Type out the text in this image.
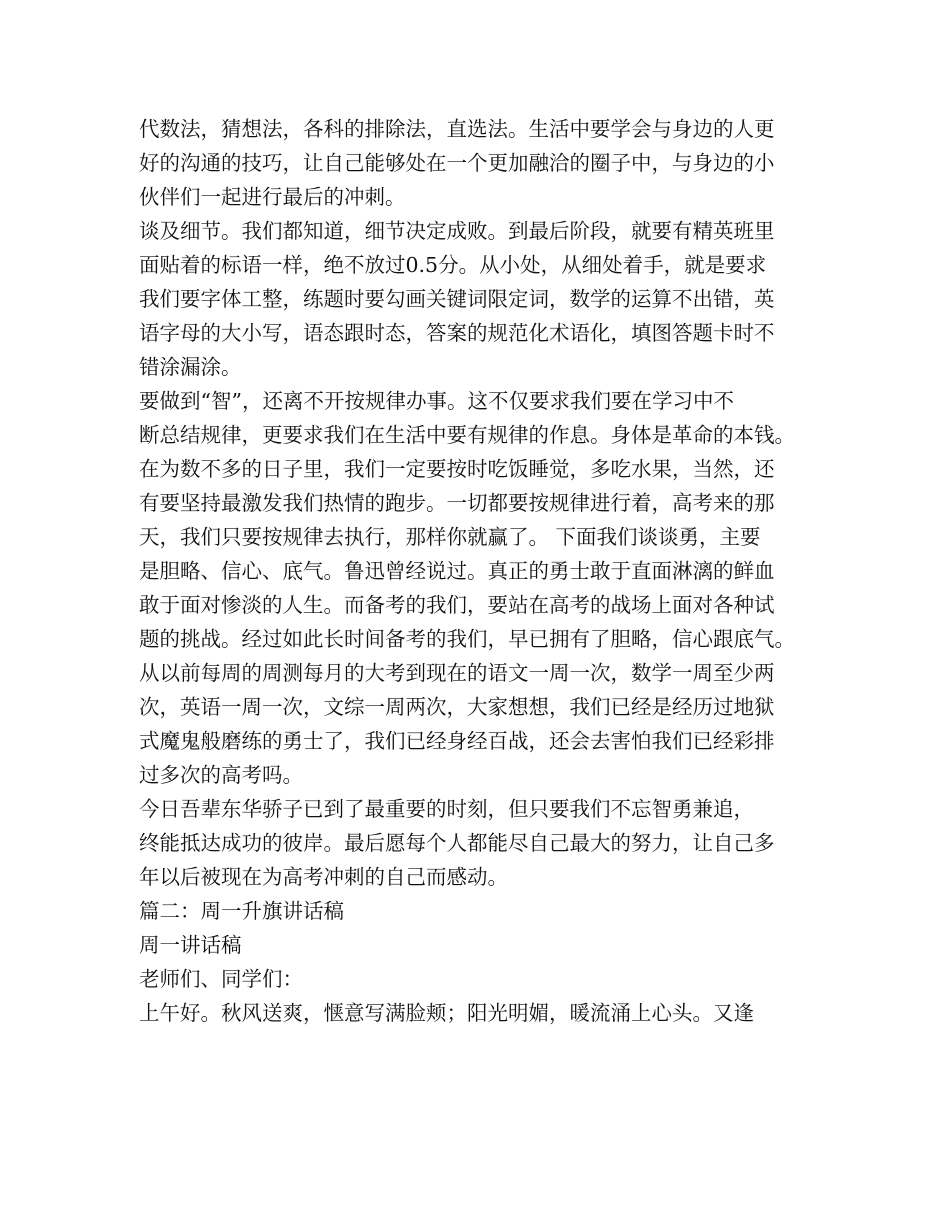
代数法，猜想法，各科的排除法，直选法。生活中要学会与身边的人更
好的沟通的技巧，让自己能够处在一个更加融洽的圈子中，与身边的小
伙伴们一起进行最后的冲刺。
谈及细节。我们都知道，细节决定成败。到最后阶段，就要有精英班里
面贴着的标语一样，绝不放过0.5分。从小处，从细处着手，就是要求
我们要字体工整，练题时要勾画关键词限定词，数学的运算不出错，英
语字母的大小写，语态跟时态，答案的规范化术语化，填图答题卡时不
错涂漏涂。
要做到“智”，还离不开按规律办事。这不仅要求我们要在学习中不
断总结规律，更要求我们在生活中要有规律的作息。身体是革命的本钱。
在为数不多的日子里，我们一定要按时吃饭睡觉，多吃水果，当然，还
有要坚持最激发我们热情的跑步。一切都要按规律进行着，高考来的那
天，我们只要按规律去执行，那样你就赢了。 下面我们谈谈勇，主要
是胆略、信心、底气。鲁迅曾经说过。真正的勇士敢于直面淋漓的鲜血
敢于面对惨淡的人生。而备考的我们，要站在高考的战场上面对各种试
题的挑战。经过如此长时间备考的我们，早已拥有了胆略，信心跟底气。
从以前每周的周测每月的大考到现在的语文一周一次，数学一周至少两
次，英语一周一次，文综一周两次，大家想想，我们已经是经历过地狱
式魔鬼般磨练的勇士了，我们已经身经百战，还会去害怕我们已经彩排
过多次的高考吗。
今日吾辈东华骄子已到了最重要的时刻，但只要我们不忘智勇兼追，
终能抵达成功的彼岸。最后愿每个人都能尽自己最大的努力，让自己多
年以后被现在为高考冲刺的自己而感动。
篇二：周一升旗讲话稿
周一讲话稿
老师们、同学们：
上午好。秋风送爽，惬意写满脸颊；阳光明媚，暖流涌上心头。又逢
